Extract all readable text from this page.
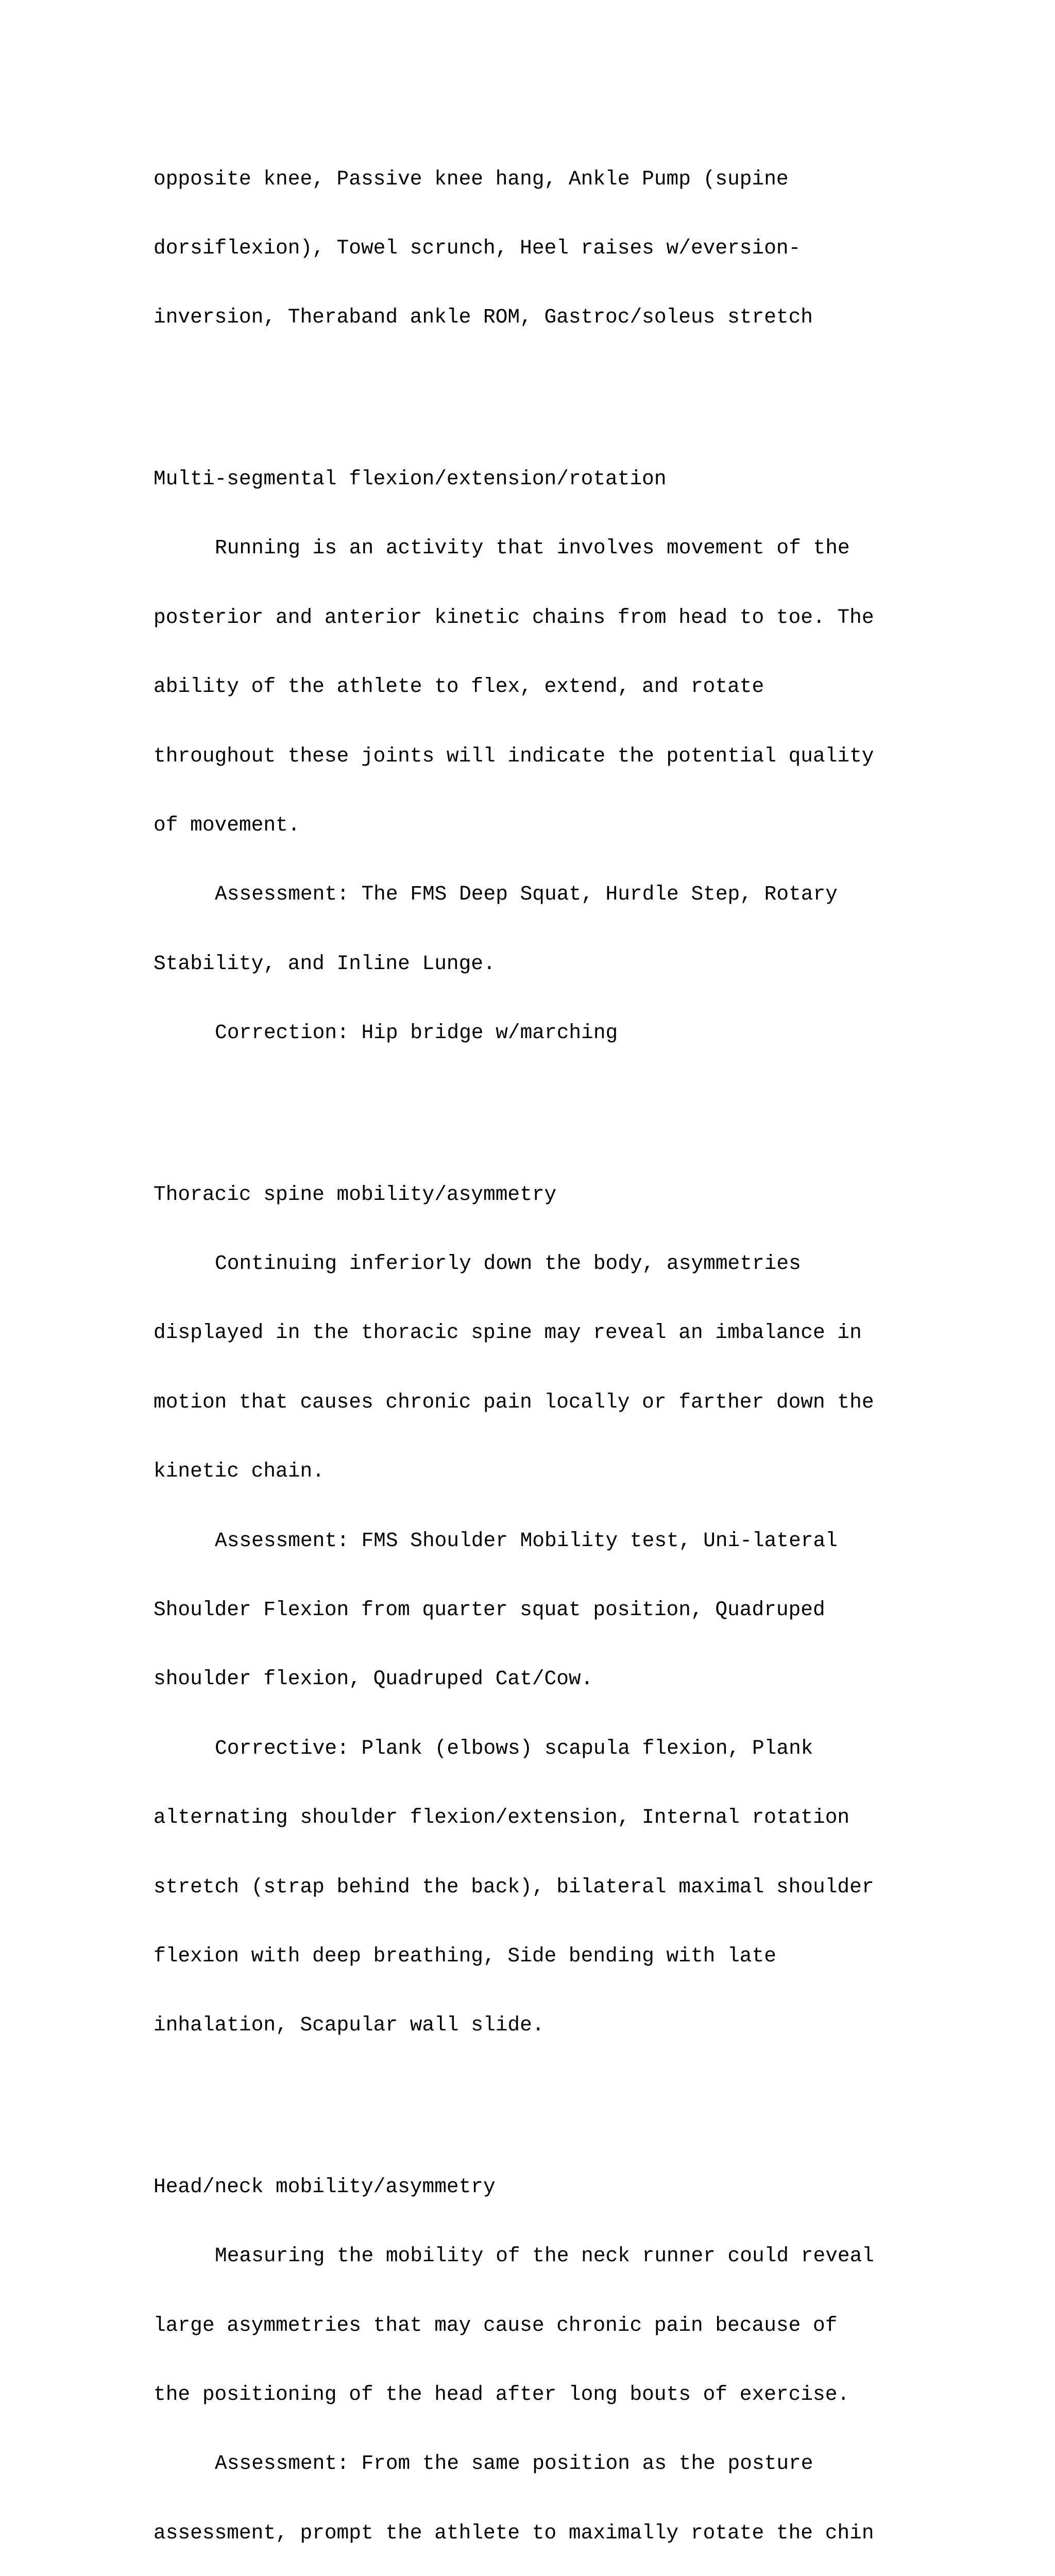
opposite knee, Passive knee hang, Ankle Pump (supine

dorsiflexion), Towel scrunch, Heel raises w/eversion-

inversion, Theraband ankle ROM, Gastroc/soleus stretch

Multi-segmental flexion/extension/rotation

Running is an activity that involves movement of the

posterior and anterior kinetic chains from head to toe. The

ability of the athlete to flex, extend, and rotate

throughout these joints will indicate the potential quality

of movement.

Assessment: The FMS Deep Squat, Hurdle Step, Rotary

Stability, and Inline Lunge.

Correction: Hip bridge w/marching

Thoracic spine mobility/asymmetry

Continuing inferiorly down the body, asymmetries

displayed in the thoracic spine may reveal an imbalance in

motion that causes chronic pain locally or farther down the

kinetic chain.

Assessment: FMS Shoulder Mobility test, Uni-lateral

Shoulder Flexion from quarter squat position, Quadruped

shoulder flexion, Quadruped Cat/Cow.

Corrective: Plank (elbows) scapula flexion, Plank

alternating shoulder flexion/extension, Internal rotation

stretch (strap behind the back), bilateral maximal shoulder

flexion with deep breathing, Side bending with late

inhalation, Scapular wall slide.

Head/neck mobility/asymmetry

Measuring the mobility of the neck runner could reveal

large asymmetries that may cause chronic pain because of

the positioning of the head after long bouts of exercise.

Assessment: From the same position as the posture

assessment, prompt the athlete to maximally rotate the chin
